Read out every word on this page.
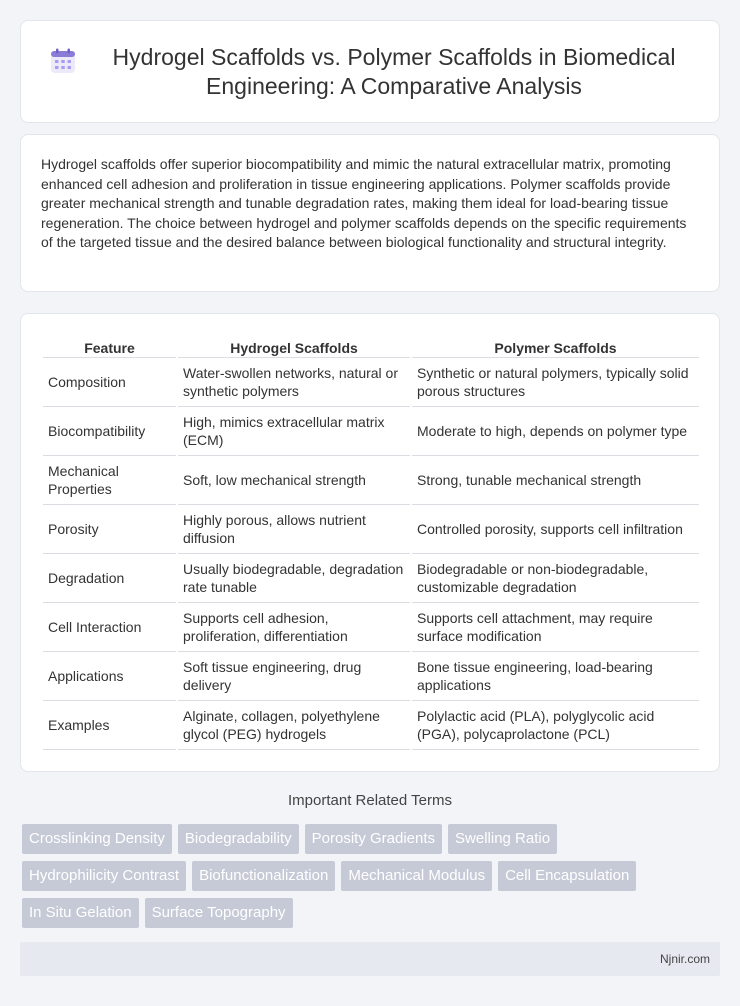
Hydrogel Scaffolds vs. Polymer Scaffolds in Biomedical Engineering: A Comparative Analysis

Hydrogel scaffolds offer superior biocompatibility and mimic the natural extracellular matrix, promoting enhanced cell adhesion and proliferation in tissue engineering applications. Polymer scaffolds provide greater mechanical strength and tunable degradation rates, making them ideal for load-bearing tissue regeneration. The choice between hydrogel and polymer scaffolds depends on the specific requirements of the targeted tissue and the desired balance between biological functionality and structural integrity.

Feature	Hydrogel Scaffolds	Polymer Scaffolds
Composition	Water-swollen networks, natural or synthetic polymers	Synthetic or natural polymers, typically solid porous structures
Biocompatibility	High, mimics extracellular matrix (ECM)	Moderate to high, depends on polymer type
Mechanical Properties	Soft, low mechanical strength	Strong, tunable mechanical strength
Porosity	Highly porous, allows nutrient diffusion	Controlled porosity, supports cell infiltration
Degradation	Usually biodegradable, degradation rate tunable	Biodegradable or non-biodegradable, customizable degradation
Cell Interaction	Supports cell adhesion, proliferation, differentiation	Supports cell attachment, may require surface modification
Applications	Soft tissue engineering, drug delivery	Bone tissue engineering, load-bearing applications
Examples	Alginate, collagen, polyethylene glycol (PEG) hydrogels	Polylactic acid (PLA), polyglycolic acid (PGA), polycaprolactone (PCL)
Important Related Terms
Crosslinking Density	Biodegradability	Porosity Gradients	Swelling Ratio
Hydrophilicity Contrast	Biofunctionalization	Mechanical Modulus	Cell Encapsulation
In Situ Gelation	Surface Topography
Njnir.com
